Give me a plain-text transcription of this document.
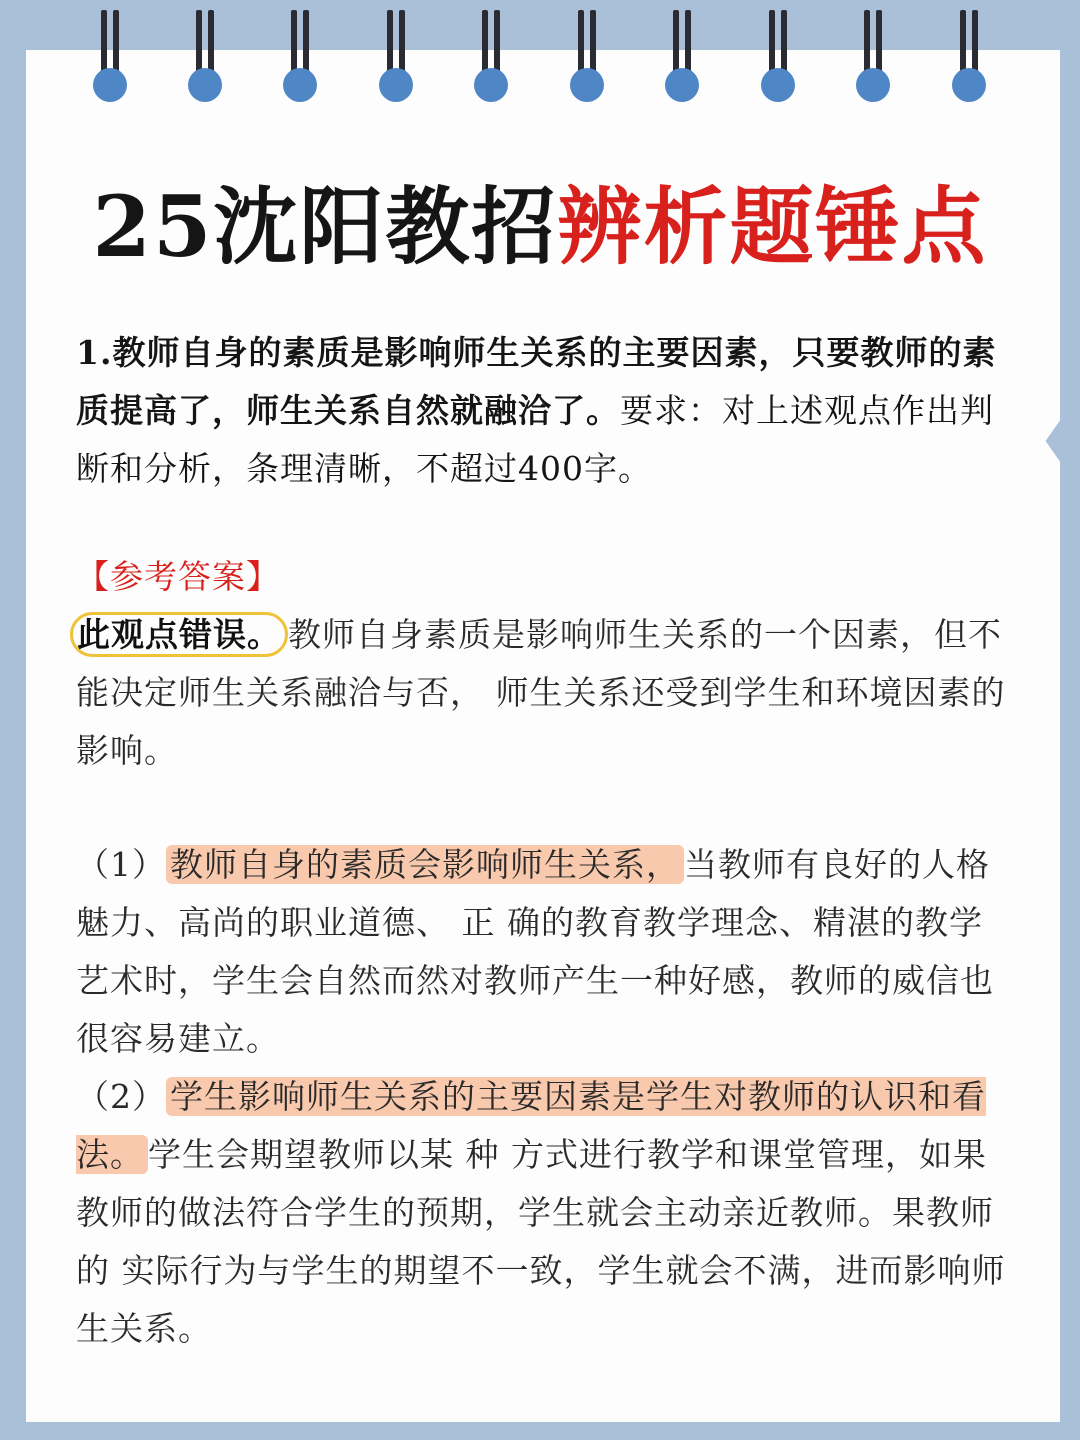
25沈阳教招辨析题锤点

1.教师自身的素质是影响师生关系的主要因素，只要教师的素质提高了，师生关系自然就融洽了。要求：对上述观点作出判断和分析，条理清晰，不超过400字。

【参考答案】

此观点错误。 教师自身素质是影响师生关系的一个因素，但不能决定师生关系融洽与否， 师生关系还受到学生和环境因素的影响。

（1） 教师自身的素质会影响师生关系， 当教师有良好的人格魅力、高尚的职业道德、 正 确的教育教学理念、精湛的教学艺术时，学生会自然而然对教师产生一种好感，教师的威信也很容易建立。

（2） 学生影响师生关系的主要因素是学生对教师的认识和看法。 学生会期望教师以某 种 方式进行教学和课堂管理，如果教师的做法符合学生的预期，学生就会主动亲近教师。果教师的 实际行为与学生的期望不一致，学生就会不满，进而影响师生关系。
